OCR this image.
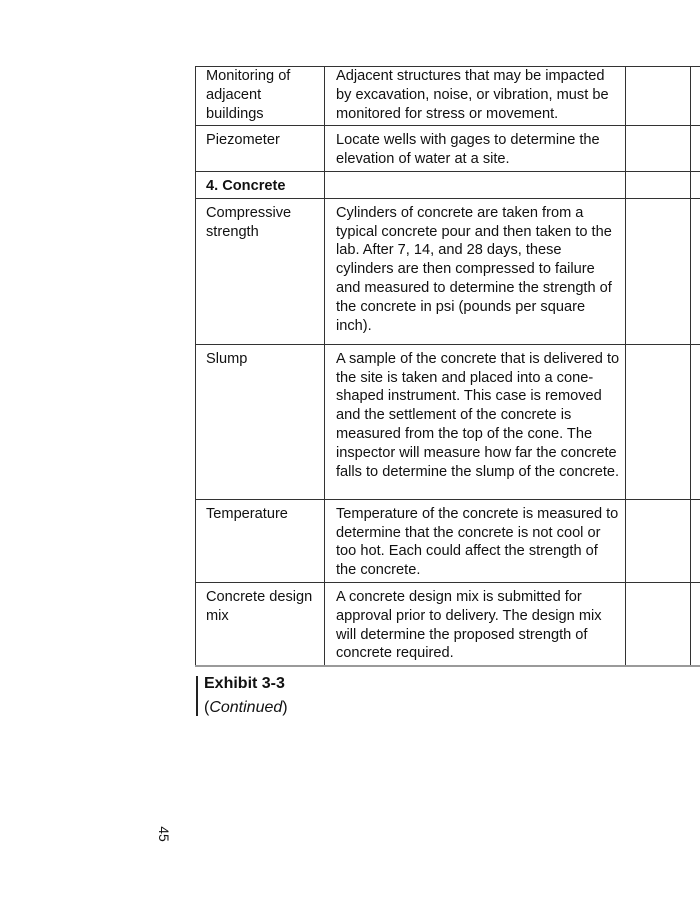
Monitoring of adjacent buildings	Adjacent structures that may be impacted by excavation, noise, or vibration, must be monitored for stress or movement.		
Piezometer	Locate wells with gages to determine the elevation of water at a site.		
4. Concrete			
Compressive strength	Cylinders of concrete are taken from a typical concrete pour and then taken to the lab. After 7, 14, and 28 days, these cylinders are then compressed to failure and measured to determine the strength of the concrete in psi (pounds per square inch).		
Slump	A sample of the concrete that is delivered to the site is taken and placed into a cone-shaped instrument. This case is removed and the settlement of the concrete is measured from the top of the cone. The inspector will measure how far the concrete falls to determine the slump of the concrete.		
Temperature	Temperature of the concrete is measured to determine that the concrete is not cool or too hot. Each could affect the strength of the concrete.		
Concrete design mix	A concrete design mix is submitted for approval prior to delivery. The design mix will determine the proposed strength of concrete required.		
Exhibit 3-3
(Continued)
45
